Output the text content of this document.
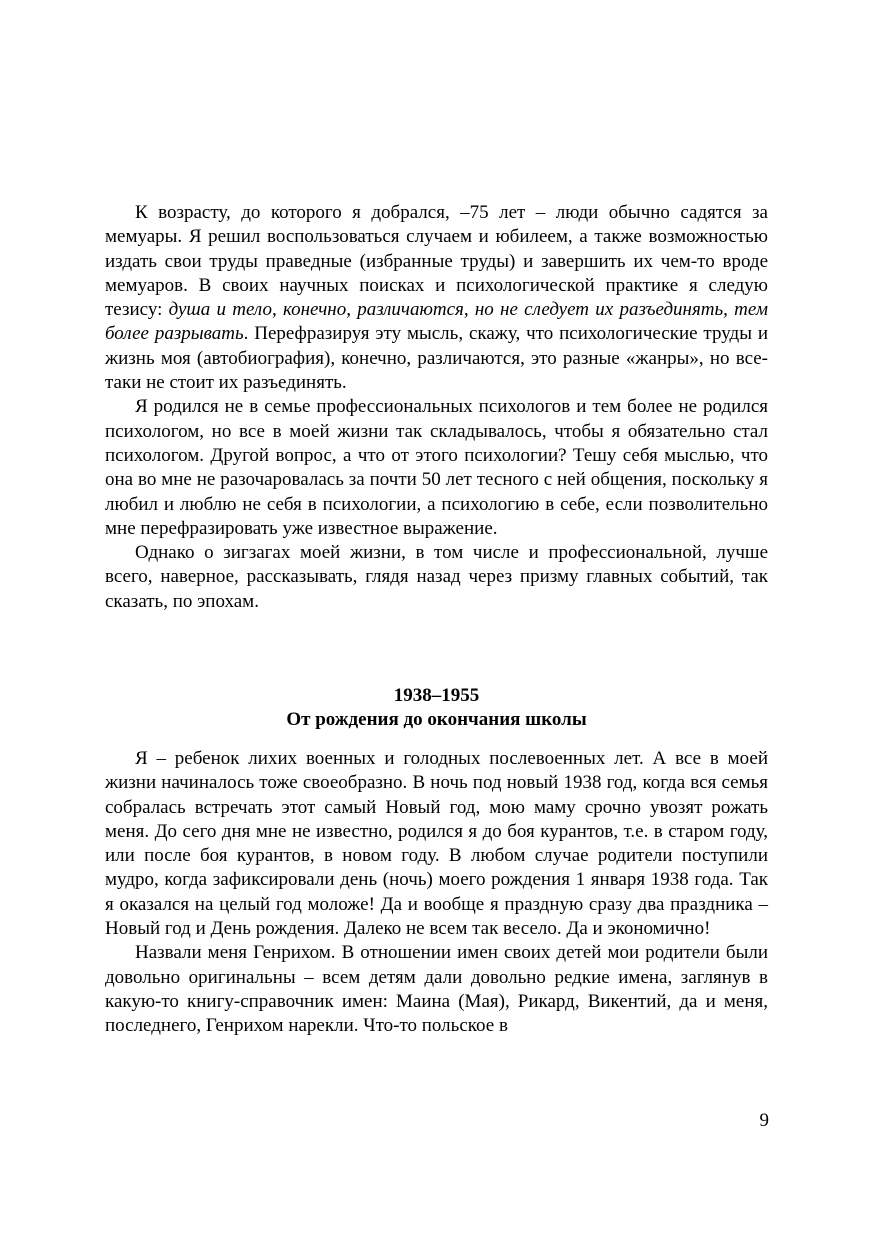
К возрасту, до которого я добрался, –75 лет – люди обычно садятся за мемуары. Я решил воспользоваться случаем и юбилеем, а также возможностью издать свои труды праведные (избранные труды) и завершить их чем-то вроде мемуаров. В своих научных поисках и психологической практике я следую тезису: душа и тело, конечно, различаются, но не следует их разъединять, тем более разрывать. Перефразируя эту мысль, скажу, что психологические труды и жизнь моя (автобиография), конечно, различаются, это разные «жанры», но все-таки не стоит их разъединять.

Я родился не в семье профессиональных психологов и тем более не родился психологом, но все в моей жизни так складывалось, чтобы я обязательно стал психологом. Другой вопрос, а что от этого психологии? Тешу себя мыслью, что она во мне не разочаровалась за почти 50 лет тесного с ней общения, поскольку я любил и люблю не себя в психологии, а психологию в себе, если позволительно мне перефразировать уже известное выражение.

Однако о зигзагах моей жизни, в том числе и профессиональной, лучше всего, наверное, рассказывать, глядя назад через призму главных событий, так сказать, по эпохам.

1938–1955
От рождения до окончания школы

Я – ребенок лихих военных и голодных послевоенных лет. А все в моей жизни начиналось тоже своеобразно. В ночь под новый 1938 год, когда вся семья собралась встречать этот самый Новый год, мою маму срочно увозят рожать меня. До сего дня мне не известно, родился я до боя курантов, т.е. в старом году, или после боя курантов, в новом году. В любом случае родители поступили мудро, когда зафиксировали день (ночь) моего рождения 1 января 1938 года. Так я оказался на целый год моложе! Да и вообще я праздную сразу два праздника – Новый год и День рождения. Далеко не всем так весело. Да и экономично!

Назвали меня Генрихом. В отношении имен своих детей мои родители были довольно оригинальны – всем детям дали довольно редкие имена, заглянув в какую-то книгу-справочник имен: Маина (Мая), Рикард, Викентий, да и меня, последнего, Генрихом нарекли. Что-то польское в

9
